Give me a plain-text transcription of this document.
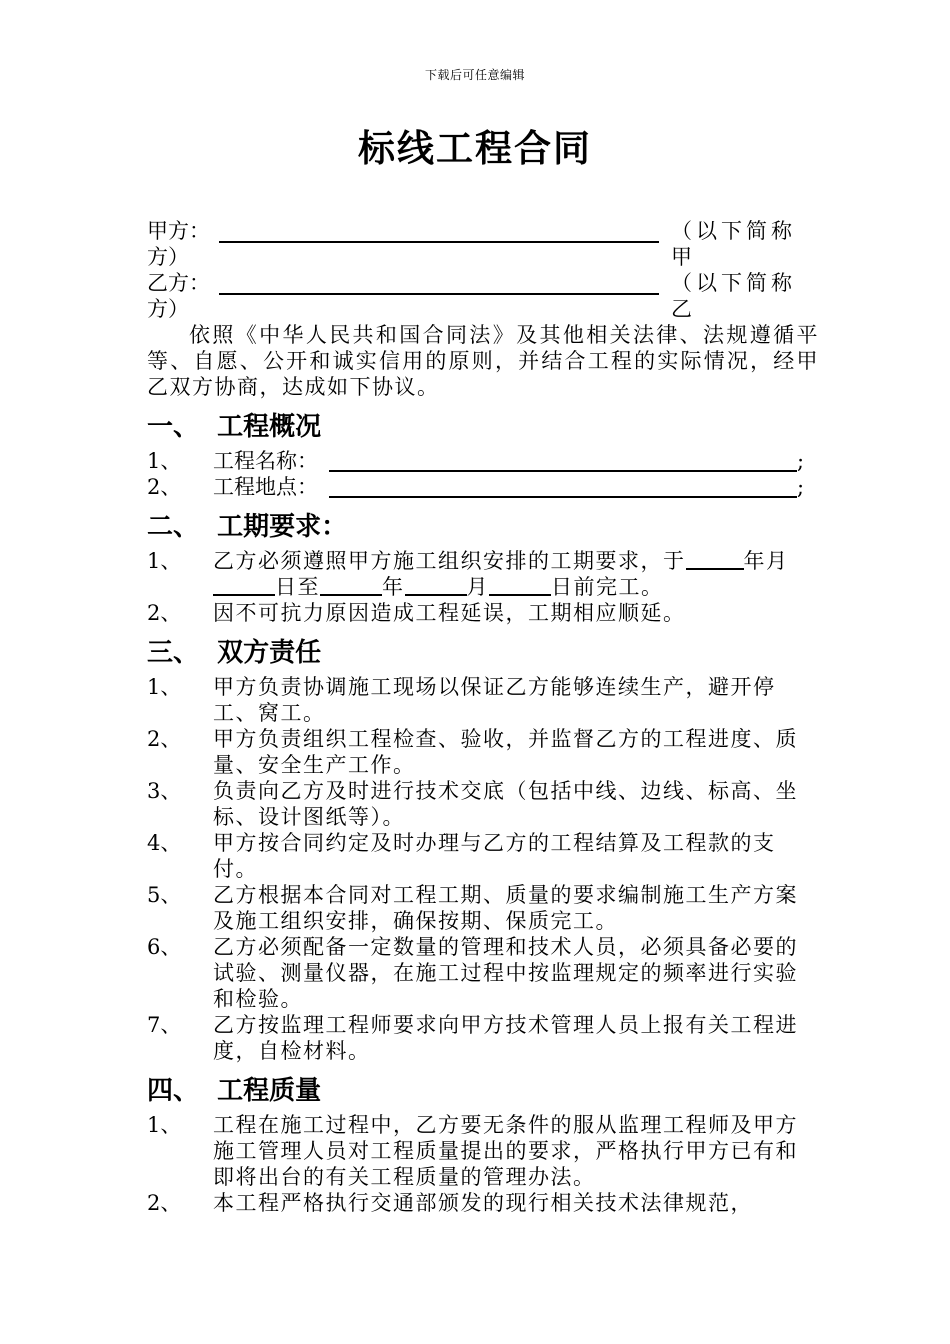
下载后可任意编辑
标线工程合同
甲方：	（以下简称甲
方）
乙方：	（以下简称乙
方）
依照《中华人民共和国合同法》及其他相关法律、法规遵循平等、自愿、公开和诚实信用的原则，并结合工程的实际情况，经甲乙双方协商，达成如下协议。
一、  工程概况
1、 工程名称：	;
2、 工程地点：	;
二、  工期要求：
1、	乙方必须遵照甲方施工组织安排的工期要求，于	年月日至	年	月	日前完工。
2、	因不可抗力原因造成工程延误，工期相应顺延。
三、  双方责任
1、	甲方负责协调施工现场以保证乙方能够连续生产，避开停工、窝工。
2、	甲方负责组织工程检查、验收，并监督乙方的工程进度、质量、安全生产工作。
3、	负责向乙方及时进行技术交底（包括中线、边线、标高、坐标、设计图纸等）。
4、	甲方按合同约定及时办理与乙方的工程结算及工程款的支付。
5、	乙方根据本合同对工程工期、质量的要求编制施工生产方案及施工组织安排，确保按期、保质完工。
6、	乙方必须配备一定数量的管理和技术人员，必须具备必要的试验、测量仪器，在施工过程中按监理规定的频率进行实验和检验。
7、	乙方按监理工程师要求向甲方技术管理人员上报有关工程进度，自检材料。
四、  工程质量
1、	工程在施工过程中，乙方要无条件的服从监理工程师及甲方施工管理人员对工程质量提出的要求，严格执行甲方已有和即将出台的有关工程质量的管理办法。
2、	本工程严格执行交通部颁发的现行相关技术法律规范，
